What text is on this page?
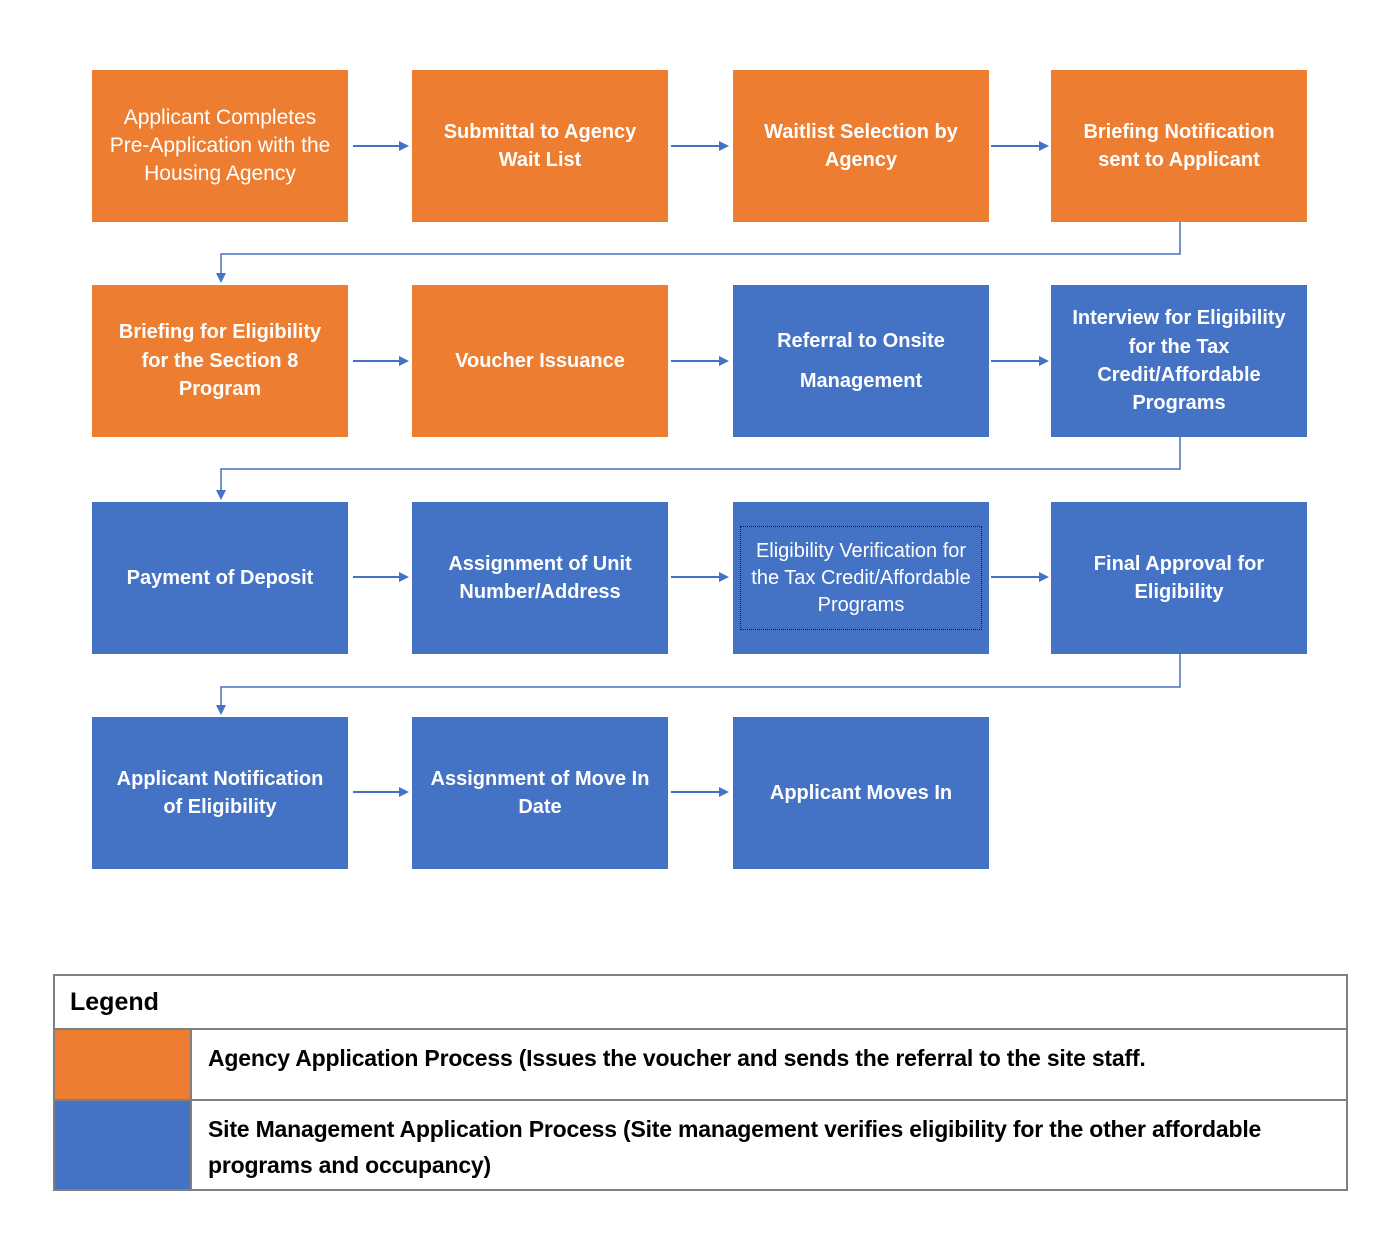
Applicant Completes Pre-Application with the Housing Agency
Submittal to Agency Wait List
Waitlist Selection by Agency
Briefing Notification sent to Applicant
Briefing for Eligibility for the Section 8 Program
Voucher Issuance
Referral to Onsite Management
Interview for Eligibility for the Tax Credit/Affordable Programs
Payment of Deposit
Assignment of Unit Number/Address
Eligibility Verification for the Tax Credit/Affordable Programs
Final Approval for Eligibility
Applicant Notification of Eligibility
Assignment of Move In Date
Applicant Moves In
Legend
Agency Application Process (Issues the voucher and sends the referral to the site staff.
Site Management Application Process (Site management verifies eligibility for the other affordable programs and occupancy)
